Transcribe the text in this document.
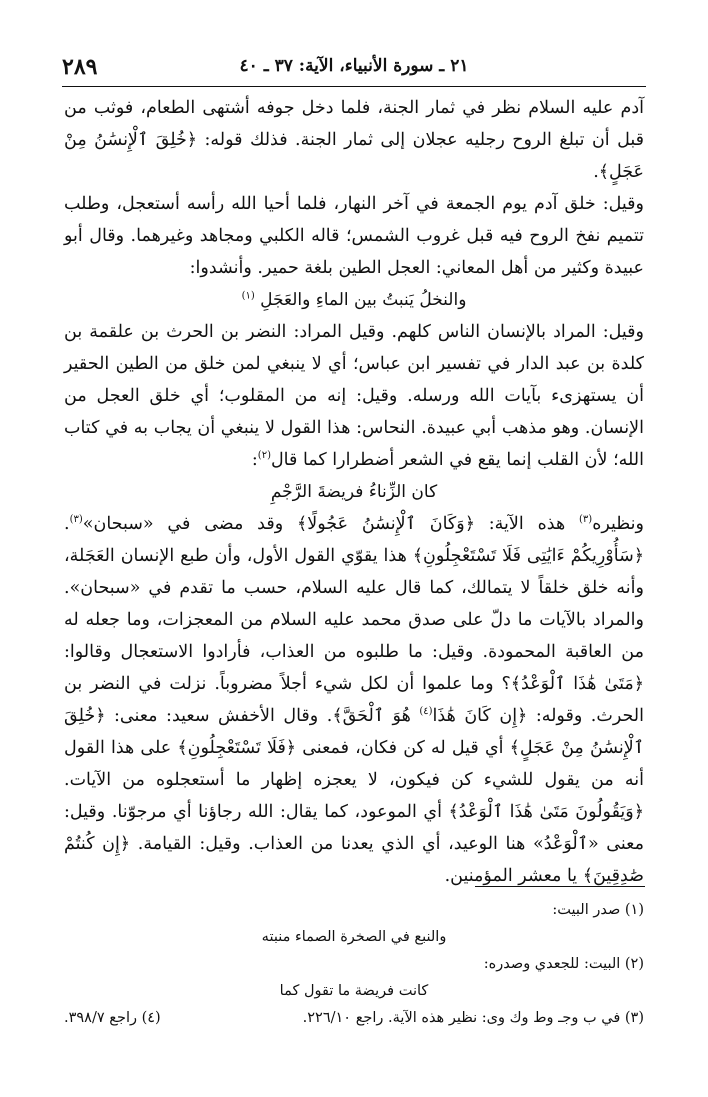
٢١ ـ سورة الأنبياء، الآية: ٣٧ ـ ٤٠
٢٨٩

آدم عليه السلام نظر في ثمار الجنة، فلما دخل جوفه أشتهى الطعام، فوثب من قبل أن تبلغ الروح رجليه عجلان إلى ثمار الجنة. فذلك قوله: ﴿خُلِقَ ٱلْإِنسَٰنُ مِنْ عَجَلٍ﴾.

وقيل: خلق آدم يوم الجمعة في آخر النهار، فلما أحيا الله رأسه أستعجل، وطلب تتميم نفخ الروح فيه قبل غروب الشمس؛ قاله الكلبي ومجاهد وغيرهما. وقال أبو عبيدة وكثير من أهل المعاني: العجل الطين بلغة حمير. وأنشدوا:

والنخلُ يَنبتُ بين الماءِ والعَجَلِ $^{(١)}$

وقيل: المراد بالإنسان الناس كلهم. وقيل المراد: النضر بن الحرث بن علقمة بن كلدة بن عبد الدار في تفسير ابن عباس؛ أي لا ينبغي لمن خلق من الطين الحقير أن يستهزىء بآيات الله ورسله. وقيل: إنه من المقلوب؛ أي خلق العجل من الإنسان. وهو مذهب أبي عبيدة. النحاس: هذا القول لا ينبغي أن يجاب به في كتاب الله؛ لأن القلب إنما يقع في الشعر أضطرارا كما قال$^{(٢)}$:

كان الزِّناءُ فريضةَ الرَّجْمِ

ونظيره$^{(٣)}$ هذه الآية: ﴿وَكَانَ ٱلْإِنسَٰنُ عَجُولًا﴾ وقد مضى في «سبحان»$^{(٣)}$. ﴿سَأُوْرِيكُمْ ءَايَٰتِى فَلَا تَسْتَعْجِلُونِ﴾ هذا يقوّي القول الأول، وأن طبع الإنسان العَجَلة، وأنه خلق خلقاً لا يتمالك، كما قال عليه السلام، حسب ما تقدم في «سبحان». والمراد بالآيات ما دلّ على صدق محمد عليه السلام من المعجزات، وما جعله له من العاقبة المحمودة. وقيل: ما طلبوه من العذاب، فأرادوا الاستعجال وقالوا: ﴿مَتَىٰ هَٰذَا ٱلْوَعْدُ﴾؟ وما علموا أن لكل شيء أجلاً مضروباً. نزلت في النضر بن الحرث. وقوله: ﴿إِن كَانَ هَٰذَا$^{(٤)}$ هُوَ ٱلْحَقَّ﴾. وقال الأخفش سعيد: معنى: ﴿خُلِقَ ٱلْإِنسَٰنُ مِنْ عَجَلٍ﴾ أي قيل له كن فكان، فمعنى ﴿فَلَا تَسْتَعْجِلُونِ﴾ على هذا القول أنه من يقول للشيء كن فيكون، لا يعجزه إظهار ما أستعجلوه من الآيات. ﴿وَيَقُولُونَ مَتَىٰ هَٰذَا ٱلْوَعْدُ﴾ أي الموعود، كما يقال: الله رجاؤنا أي مرجوّنا. وقيل: معنى «ٱلْوَعْدُ» هنا الوعيد، أي الذي يعدنا من العذاب. وقيل: القيامة. ﴿إِن كُنتُمْ صَٰدِقِينَ﴾ يا معشر المؤمنين.

(١) صدر البيت:
والنبع في الصخرة الصماء منبته
(٢) البيت: للجعدي وصدره:
كانت فريضة ما تقول كما
(٣) في ب وجـ وط وك وى: نظير هذه الآية. راجع ٢٢٦/١٠.
(٤) راجع ٣٩٨/٧.
